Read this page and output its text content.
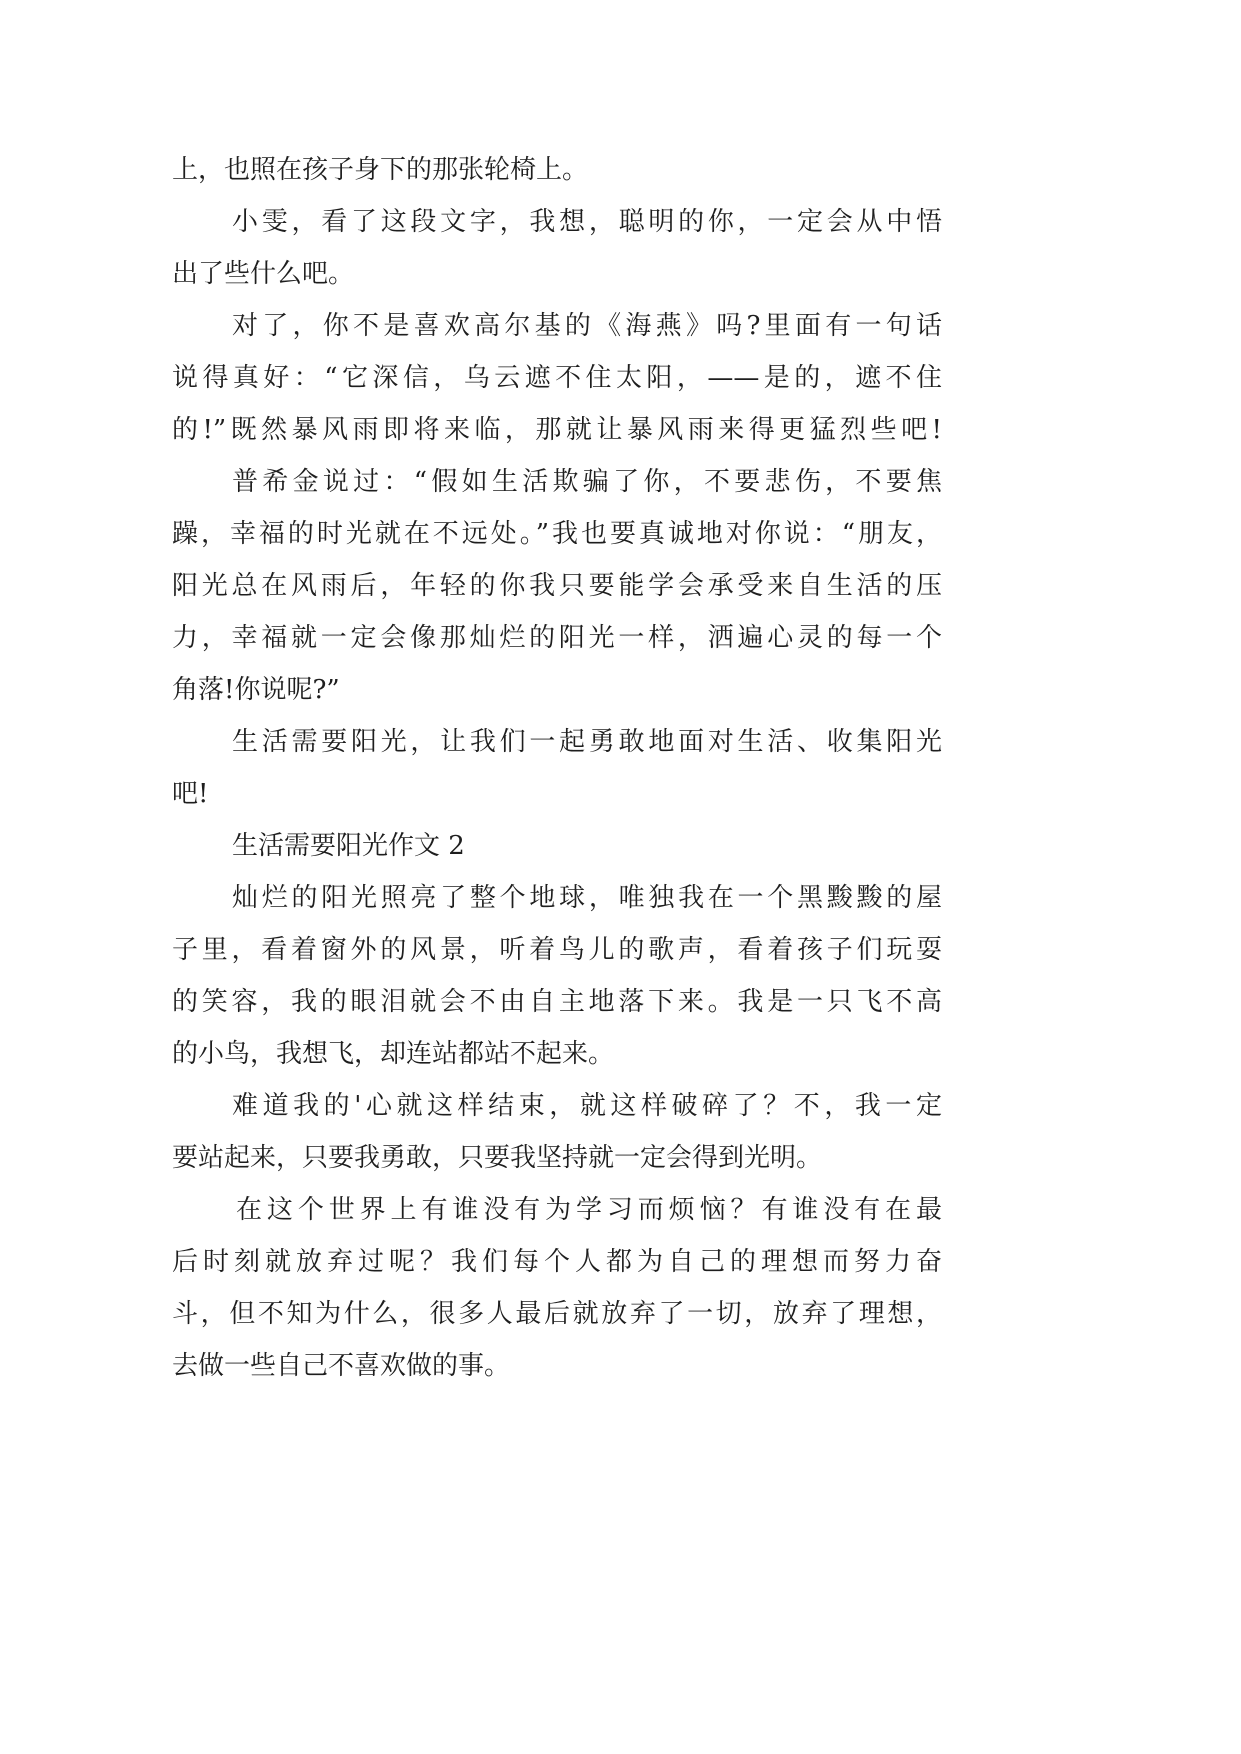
上，也照在孩子身下的那张轮椅上。
小雯，看了这段文字，我想，聪明的你，一定会从中悟
出了些什么吧。
对了，你不是喜欢高尔基的《海燕》吗?里面有一句话
说得真好：“它深信，乌云遮不住太阳，——是的，遮不住
的!”既然暴风雨即将来临，那就让暴风雨来得更猛烈些吧!
普希金说过：“假如生活欺骗了你，不要悲伤，不要焦
躁，幸福的时光就在不远处。”我也要真诚地对你说：“朋友，
阳光总在风雨后，年轻的你我只要能学会承受来自生活的压
力，幸福就一定会像那灿烂的阳光一样，洒遍心灵的每一个
角落!你说呢?”
生活需要阳光，让我们一起勇敢地面对生活、收集阳光
吧!
生活需要阳光作文 2
灿烂的阳光照亮了整个地球，唯独我在一个黑黢黢的屋
子里，看着窗外的风景，听着鸟儿的歌声，看着孩子们玩耍
的笑容，我的眼泪就会不由自主地落下来。我是一只飞不高
的小鸟，我想飞，却连站都站不起来。
难道我的'心就这样结束，就这样破碎了？不，我一定
要站起来，只要我勇敢，只要我坚持就一定会得到光明。
在这个世界上有谁没有为学习而烦恼？有谁没有在最
后时刻就放弃过呢？我们每个人都为自己的理想而努力奋
斗，但不知为什么，很多人最后就放弃了一切，放弃了理想，
去做一些自己不喜欢做的事。
